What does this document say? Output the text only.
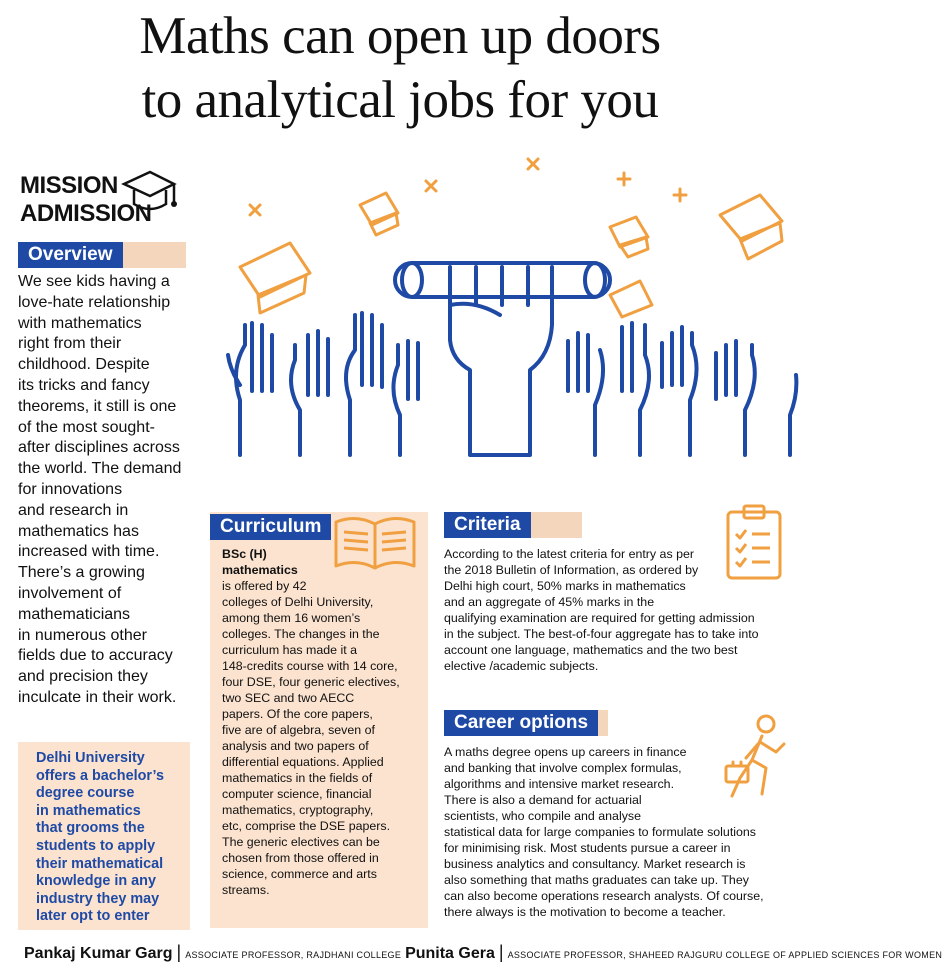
Maths can open up doors
to analytical jobs for you
MISSION
ADMISSION
Overview
We see kids having a
love-hate relationship
with mathematics
right from their
childhood. Despite
its tricks and fancy
theorems, it still is one
of the most sought-
after disciplines across
the world. The demand
for innovations
and research in
mathematics has
increased with time.
There’s a growing
involvement of
mathematicians
in numerous other
fields due to accuracy
and precision they
inculcate in their work.
Delhi University
offers a bachelor’s
degree course
in mathematics
that grooms the
students to apply
their mathematical
knowledge in any
industry they may
later opt to enter
Curriculum
BSc (H)
mathematics
is offered by 42
colleges of Delhi University,
among them 16 women’s
colleges. The changes in the
curriculum has made it a
148-credits course with 14 core,
four DSE, four generic electives,
two SEC and two AECC
papers. Of the core papers,
five are of algebra, seven of
analysis and two papers of
differential equations. Applied
mathematics in the fields of
computer science, financial
mathematics, cryptography,
etc, comprise the DSE papers.
The generic electives can be
chosen from those offered in
science, commerce and arts
streams.
Criteria
According to the latest criteria for entry as per
the 2018 Bulletin of Information, as ordered by
Delhi high court, 50% marks in mathematics
and an aggregate of 45% marks in the
qualifying examination are required for getting admission
in the subject. The best-of-four aggregate has to take into
account one language, mathematics and the two best
elective /academic subjects.
Career options
A maths degree opens up careers in finance
and banking that involve complex formulas,
algorithms and intensive market research.
There is also a demand for actuarial
scientists, who compile and analyse
statistical data for large companies to formulate solutions
for minimising risk. Most students pursue a career in
business analytics and consultancy. Market research is
also something that maths graduates can take up. They
can also become operations research analysts. Of course,
there always is the motivation to become a teacher.
Pankaj Kumar Garg | ASSOCIATE PROFESSOR, RAJDHANI COLLEGE Punita Gera | ASSOCIATE PROFESSOR, SHAHEED RAJGURU COLLEGE OF APPLIED SCIENCES FOR WOMEN
